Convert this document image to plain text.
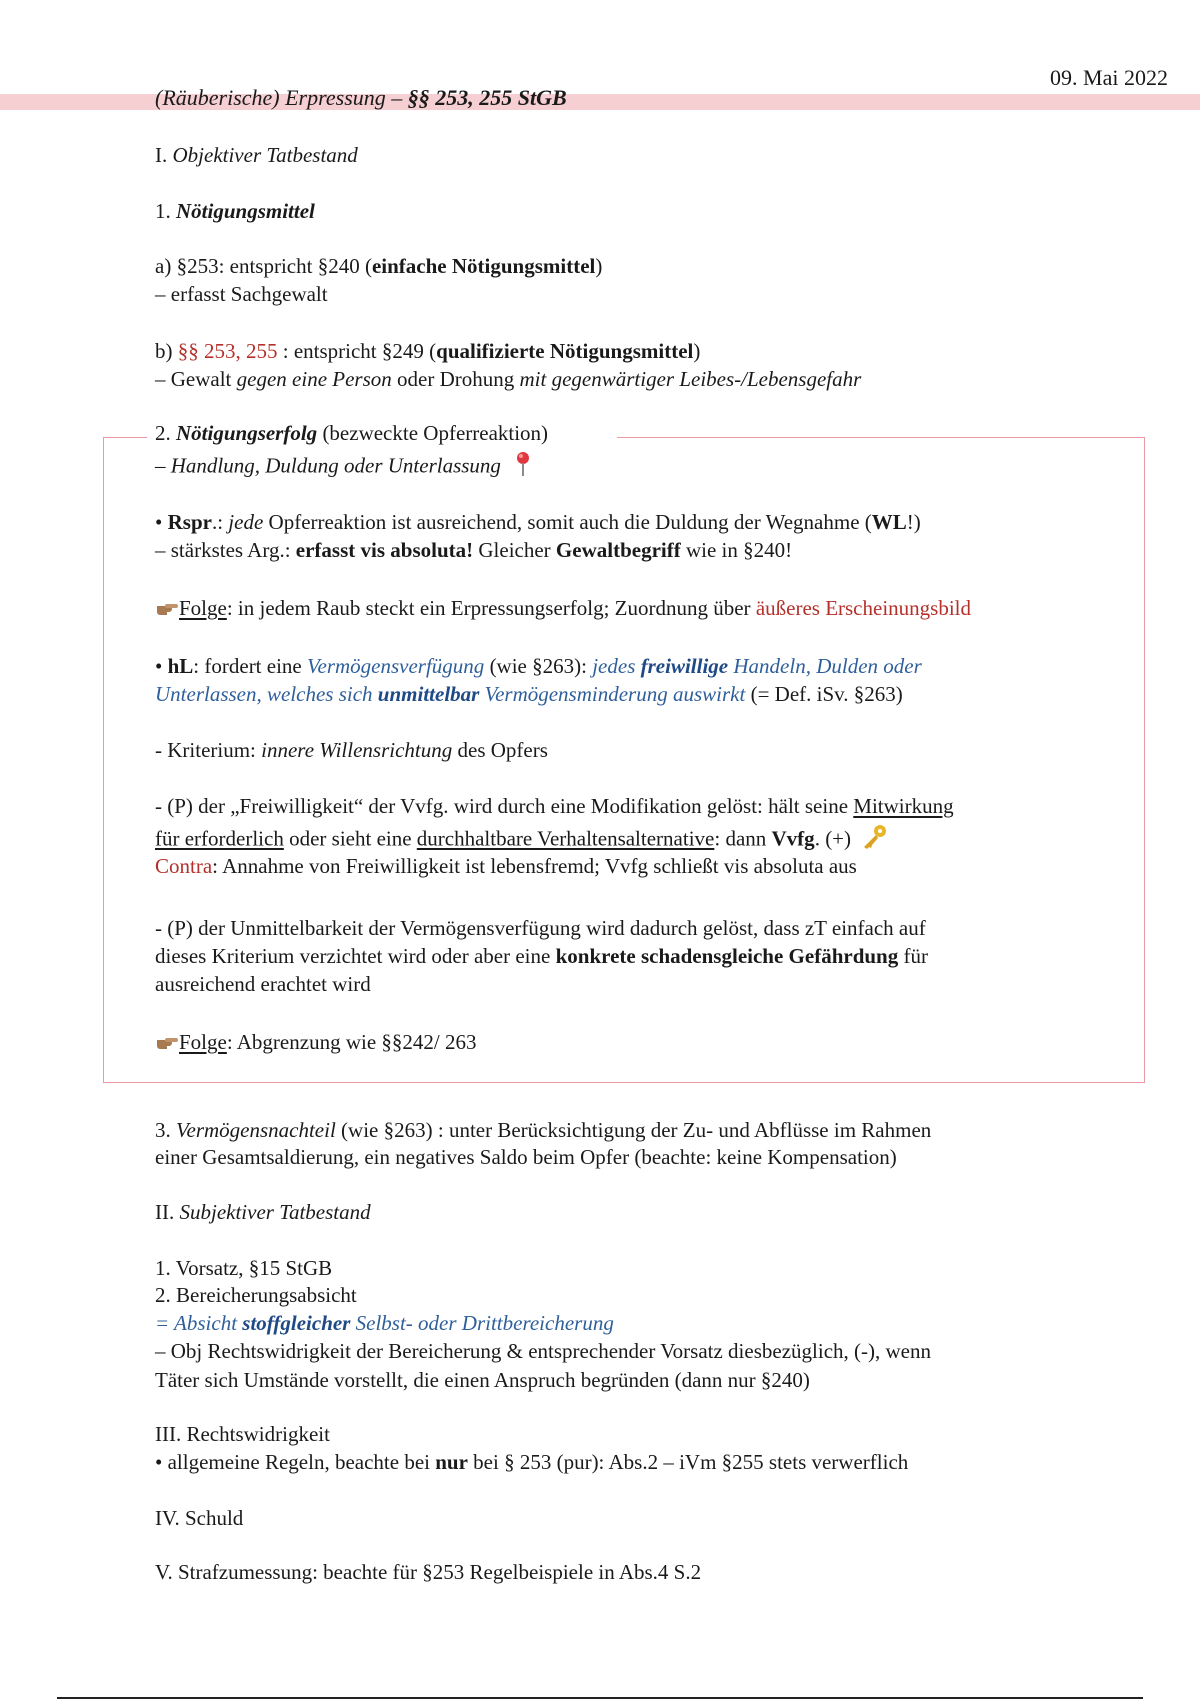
09. Mai 2022
(Räuberische) Erpressung – §§ 253, 255 StGB
I. Objektiver Tatbestand
1. Nötigungsmittel
a) §253: entspricht §240 (einfache Nötigungsmittel)
– erfasst Sachgewalt
b) §§ 253, 255 : entspricht §249 (qualifizierte Nötigungsmittel)
– Gewalt gegen eine Person oder Drohung mit gegenwärtiger Leibes-/Lebensgefahr
2. Nötigungserfolg (bezweckte Opferreaktion)
– Handlung, Duldung oder Unterlassung
• Rspr.: jede Opferreaktion ist ausreichend, somit auch die Duldung der Wegnahme (WL!)
– stärkstes Arg.: erfasst vis absoluta! Gleicher Gewaltbegriff wie in §240!
Folge: in jedem Raub steckt ein Erpressungserfolg; Zuordnung über äußeres Erscheinungsbild
• hL: fordert eine Vermögensverfügung (wie §263): jedes freiwillige Handeln, Dulden oder
Unterlassen, welches sich unmittelbar Vermögensminderung auswirkt (= Def. iSv. §263)
- Kriterium: innere Willensrichtung des Opfers
- (P) der „Freiwilligkeit“ der Vvfg. wird durch eine Modifikation gelöst: hält seine Mitwirkung
für erforderlich oder sieht eine durchhaltbare Verhaltensalternative: dann Vvfg. (+)
Contra: Annahme von Freiwilligkeit ist lebensfremd; Vvfg schließt vis absoluta aus
- (P) der Unmittelbarkeit der Vermögensverfügung wird dadurch gelöst, dass zT einfach auf
dieses Kriterium verzichtet wird oder aber eine konkrete schadensgleiche Gefährdung für
ausreichend erachtet wird
Folge: Abgrenzung wie §§242/ 263
3. Vermögensnachteil (wie §263) : unter Berücksichtigung der Zu- und Abflüsse im Rahmen
einer Gesamtsaldierung, ein negatives Saldo beim Opfer (beachte: keine Kompensation)
II. Subjektiver Tatbestand
1. Vorsatz, §15 StGB
2. Bereicherungsabsicht
= Absicht stoffgleicher Selbst- oder Drittbereicherung
– Obj Rechtswidrigkeit der Bereicherung & entsprechender Vorsatz diesbezüglich, (-), wenn
Täter sich Umstände vorstellt, die einen Anspruch begründen (dann nur §240)
III. Rechtswidrigkeit
• allgemeine Regeln, beachte bei nur bei § 253 (pur): Abs.2 – iVm §255 stets verwerflich
IV. Schuld
V. Strafzumessung: beachte für §253 Regelbeispiele in Abs.4 S.2
